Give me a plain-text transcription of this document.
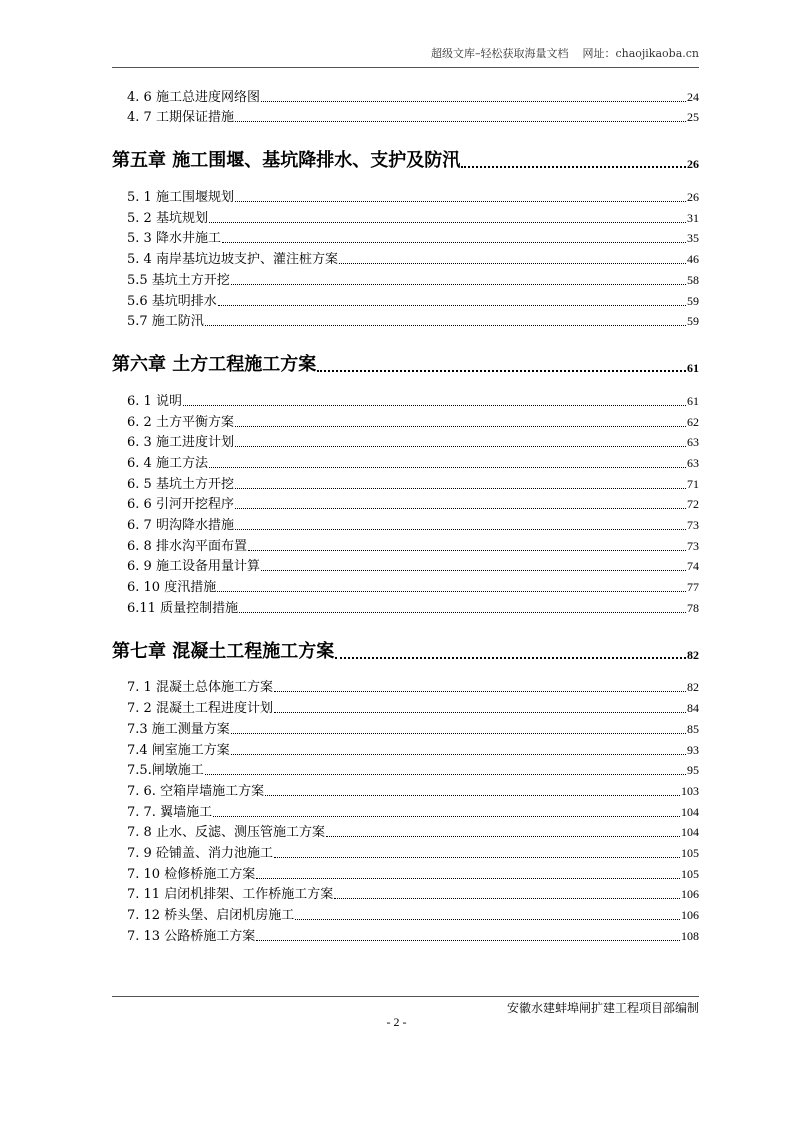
超级文库–轻松获取海量文档 网址：chaojikaoba.cn
4. 6 施工总进度网络图	24
4. 7 工期保证措施	25
第五章 施工围堰、基坑降排水、支护及防汛	26
5. 1 施工围堰规划	26
5. 2 基坑规划	31
5. 3 降水井施工	35
5. 4 南岸基坑边坡支护、灌注桩方案	46
5.5 基坑土方开挖	58
5.6 基坑明排水	59
5.7 施工防汛	59
第六章 土方工程施工方案	61
6. 1 说明	61
6. 2 土方平衡方案	62
6. 3 施工进度计划	63
6. 4 施工方法	63
6. 5 基坑土方开挖	71
6. 6 引河开挖程序	72
6. 7 明沟降水措施	73
6. 8 排水沟平面布置	73
6. 9 施工设备用量计算	74
6. 10 度汛措施	77
6.11 质量控制措施	78
第七章 混凝土工程施工方案	82
7. 1 混凝土总体施工方案	82
7. 2 混凝土工程进度计划	84
7.3 施工测量方案	85
7.4 闸室施工方案	93
7.5.闸墩施工	95
7. 6. 空箱岸墙施工方案	103
7. 7. 翼墙施工	104
7. 8 止水、反滤、测压管施工方案	104
7. 9 砼铺盖、消力池施工	105
7. 10 检修桥施工方案	105
7. 11 启闭机排架、工作桥施工方案	106
7. 12 桥头堡、启闭机房施工	106
7. 13 公路桥施工方案	108
安徽水建蚌埠闸扩建工程项目部编制
- 2 -
